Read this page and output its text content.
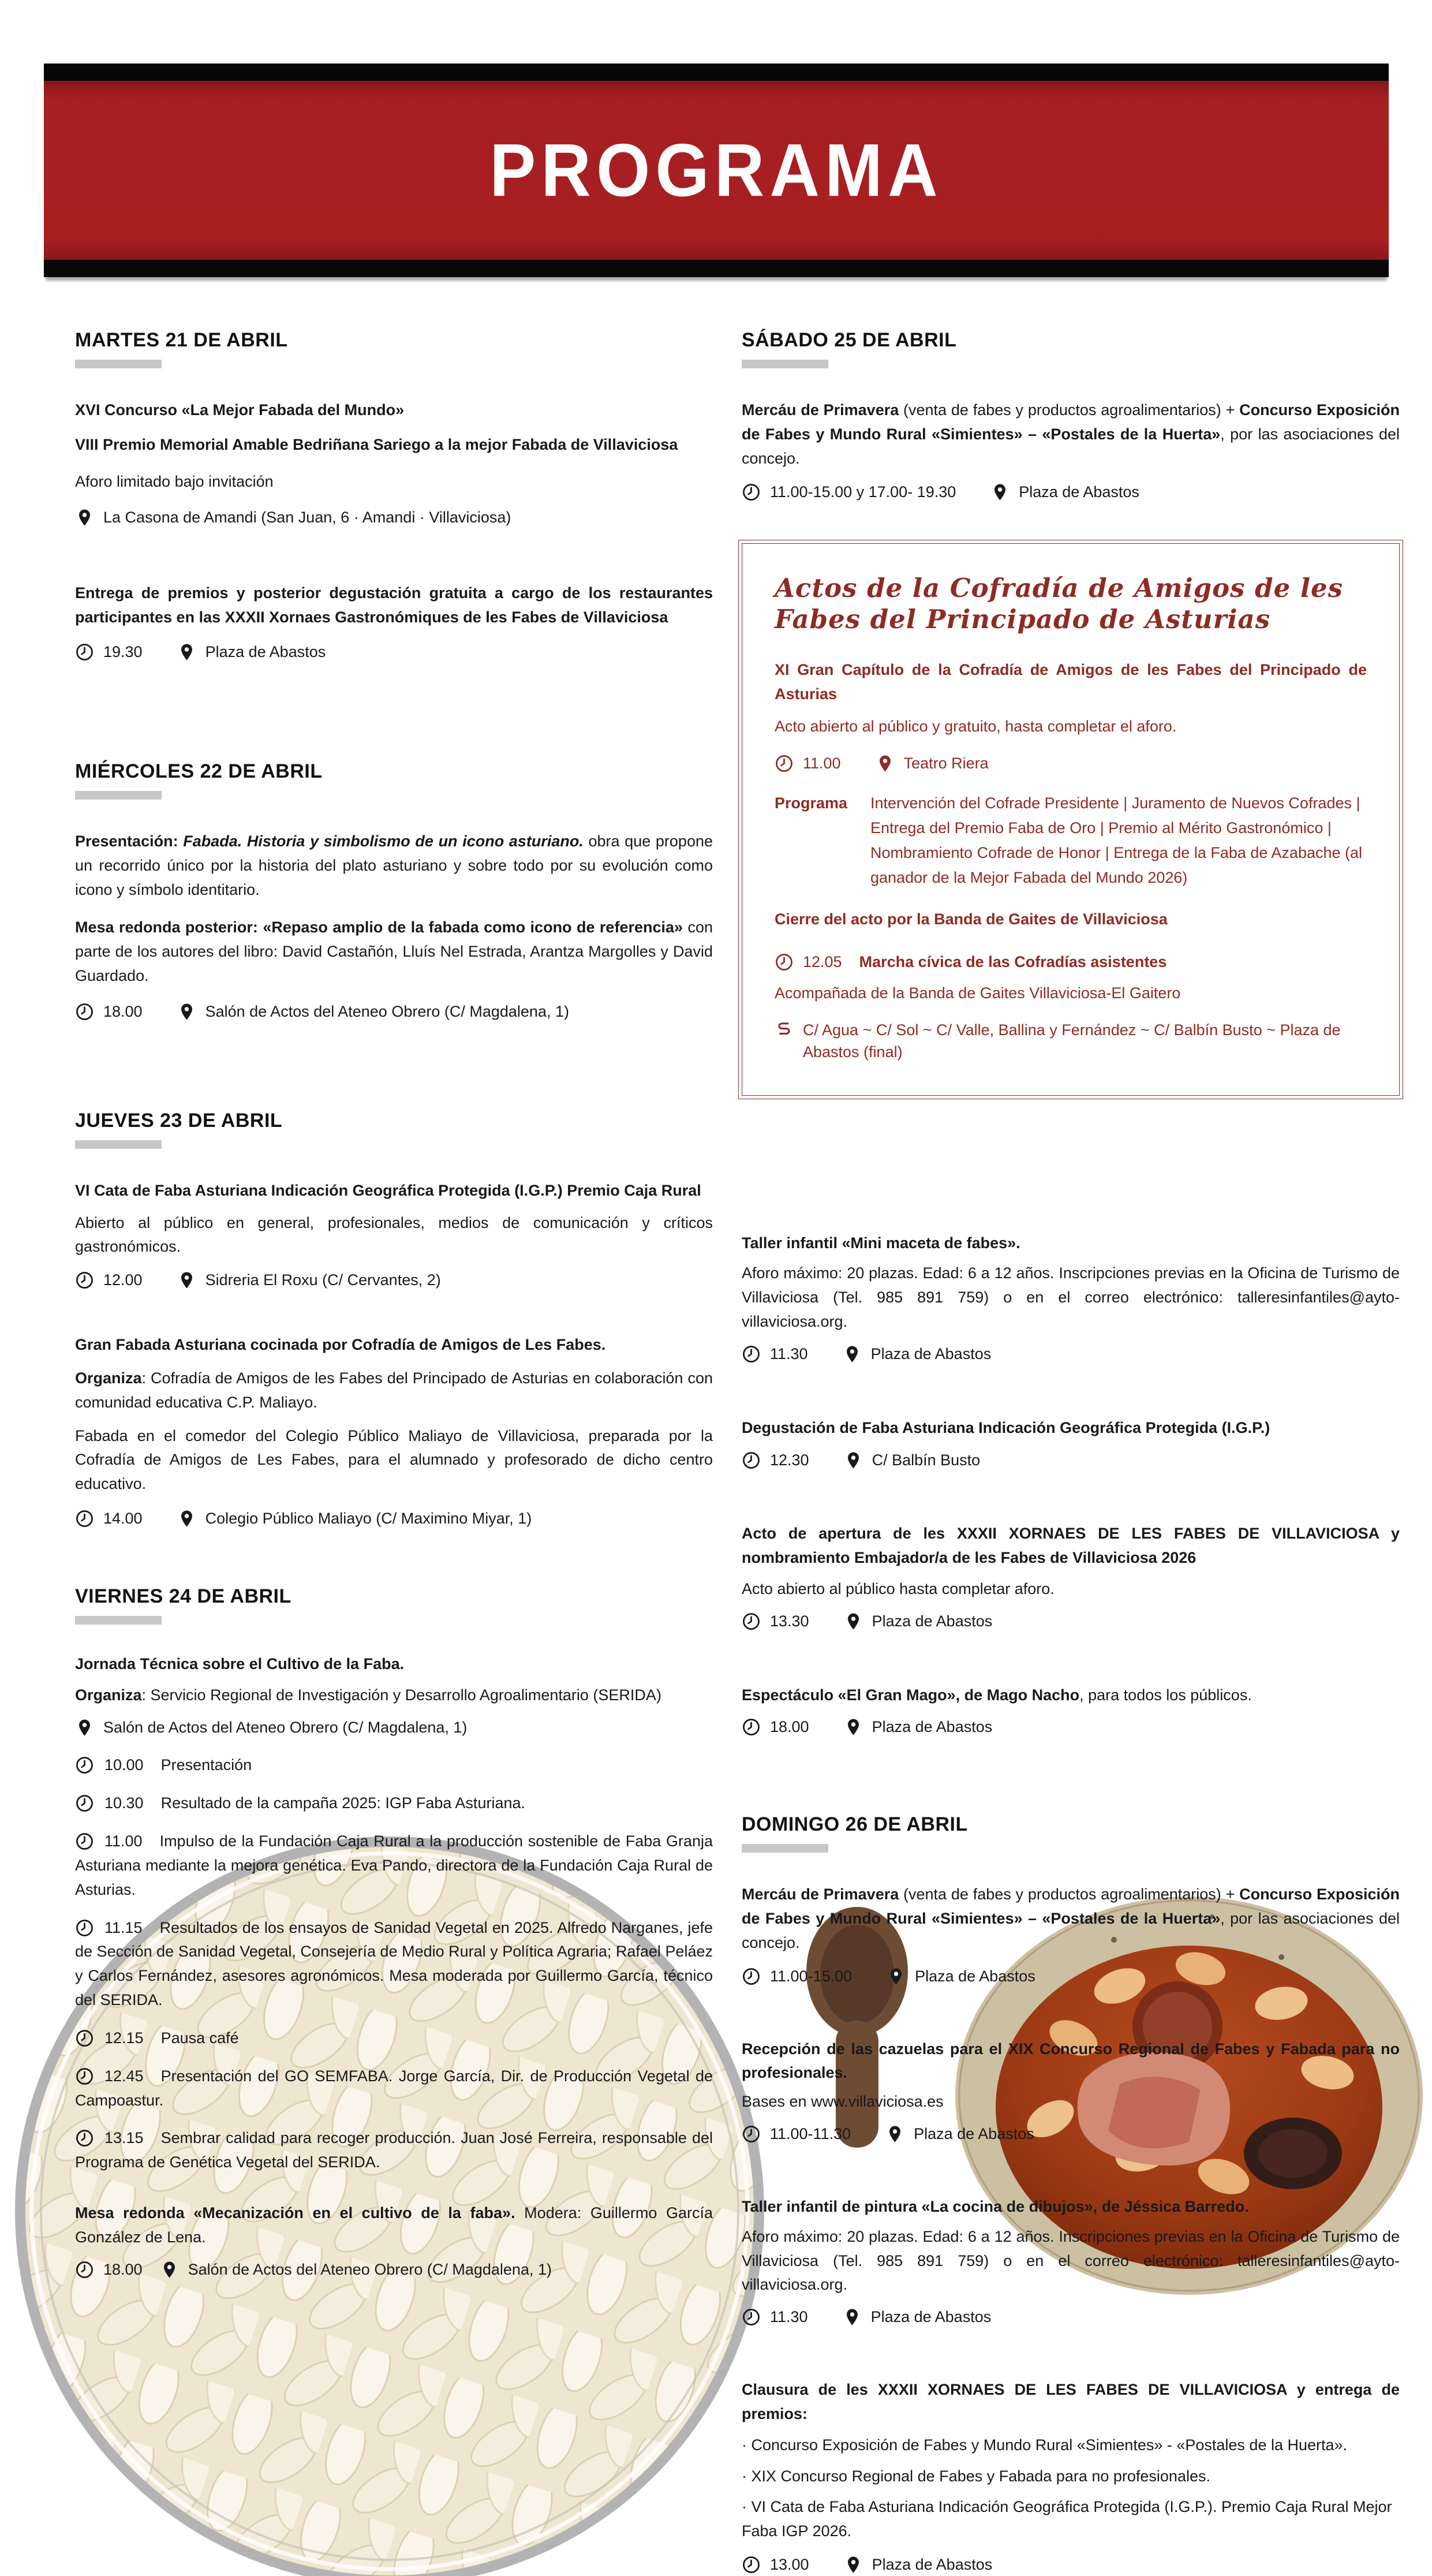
PROGRAMA
MARTES 21 DE ABRIL

XVI Concurso «La Mejor Fabada del Mundo»

VIII Premio Memorial Amable Bedriñana Sariego a la mejor Fabada de Villaviciosa

Aforo limitado bajo invitación

La Casona de Amandi (San Juan, 6 · Amandi · Villaviciosa)

Entrega de premios y posterior degustación gratuita a cargo de los restaurantes participantes en las XXXII Xornaes Gastronómiques de les Fabes de Villaviciosa

19.30	Plaza de Abastos
MIÉRCOLES 22 DE ABRIL

Presentación: Fabada. Historia y simbolismo de un icono asturiano. obra que propone un recorrido único por la historia del plato asturiano y sobre todo por su evolución como icono y símbolo identitario.

Mesa redonda posterior: «Repaso amplio de la fabada como icono de referencia» con parte de los autores del libro: David Castañón, Lluís Nel Estrada, Arantza Margolles y David Guardado.

18.00	Salón de Actos del Ateneo Obrero (C/ Magdalena, 1)
JUEVES 23 DE ABRIL

VI Cata de Faba Asturiana Indicación Geográfica Protegida (I.G.P.) Premio Caja Rural

Abierto al público en general, profesionales, medios de comunicación y críticos gastronómicos.

12.00	Sidreria El Roxu (C/ Cervantes, 2)

Gran Fabada Asturiana cocinada por Cofradía de Amigos de Les Fabes.

Organiza: Cofradía de Amigos de les Fabes del Principado de Asturias en colaboración con comunidad educativa C.P. Maliayo.

Fabada en el comedor del Colegio Público Maliayo de Villaviciosa, preparada por la Cofradía de Amigos de Les Fabes, para el alumnado y profesorado de dicho centro educativo.

14.00	Colegio Público Maliayo (C/ Maximino Miyar, 1)
VIERNES 24 DE ABRIL

Jornada Técnica sobre el Cultivo de la Faba.

Organiza: Servicio Regional de Investigación y Desarrollo Agroalimentario (SERIDA)

Salón de Actos del Ateneo Obrero (C/ Magdalena, 1)

10.00 Presentación

10.30 Resultado de la campaña 2025: IGP Faba Asturiana.

11.00 Impulso de la Fundación Caja Rural a la producción sostenible de Faba Granja Asturiana mediante la mejora genética. Eva Pando, directora de la Fundación Caja Rural de Asturias.

11.15 Resultados de los ensayos de Sanidad Vegetal en 2025. Alfredo Narganes, jefe de Sección de Sanidad Vegetal, Consejería de Medio Rural y Política Agraria; Rafael Peláez y Carlos Fernández, asesores agronómicos. Mesa moderada por Guillermo García, técnico del SERIDA.

12.15 Pausa café

12.45 Presentación del GO SEMFABA. Jorge García, Dir. de Producción Vegetal de Campoastur.

13.15 Sembrar calidad para recoger producción. Juan José Ferreira, responsable del Programa de Genética Vegetal del SERIDA.

Mesa redonda «Mecanización en el cultivo de la faba». Modera: Guillermo García González de Lena.

18.00	Salón de Actos del Ateneo Obrero (C/ Magdalena, 1)
SÁBADO 25 DE ABRIL

Mercáu de Primavera (venta de fabes y productos agroalimentarios) + Concurso Exposición de Fabes y Mundo Rural «Simientes» – «Postales de la Huerta», por las asociaciones del concejo.

11.00-15.00 y 17.00- 19.30	Plaza de Abastos

Actos de la Cofradía de Amigos de les Fabes del Principado de Asturias

XI Gran Capítulo de la Cofradía de Amigos de les Fabes del Principado de Asturias

Acto abierto al público y gratuito, hasta completar el aforo.

11.00	Teatro Riera
Programa	Intervención del Cofrade Presidente | Juramento de Nuevos Cofrades | Entrega del Premio Faba de Oro | Premio al Mérito Gastronómico | Nombramiento Cofrade de Honor | Entrega de la Faba de Azabache (al ganador de la Mejor Fabada del Mundo 2026)

Cierre del acto por la Banda de Gaites de Villaviciosa

12.05 Marcha cívica de las Cofradías asistentes

Acompañada de la Banda de Gaites Villaviciosa-El Gaitero

C/ Agua ~ C/ Sol ~ C/ Valle, Ballina y Fernández ~ C/ Balbín Busto ~ Plaza de Abastos (final)

Taller infantil «Mini maceta de fabes».

Aforo máximo: 20 plazas. Edad: 6 a 12 años. Inscripciones previas en la Oficina de Turismo de Villaviciosa (Tel. 985 891 759) o en el correo electrónico: talleresinfantiles@ayto-villaviciosa.org.

11.30	Plaza de Abastos

Degustación de Faba Asturiana Indicación Geográfica Protegida (I.G.P.)

12.30	C/ Balbín Busto

Acto de apertura de les XXXII XORNAES DE LES FABES DE VILLAVICIOSA y nombramiento Embajador/a de les Fabes de Villaviciosa 2026

Acto abierto al público hasta completar aforo.

13.30	Plaza de Abastos

Espectáculo «El Gran Mago», de Mago Nacho, para todos los públicos.

18.00	Plaza de Abastos
DOMINGO 26 DE ABRIL

Mercáu de Primavera (venta de fabes y productos agroalimentarios) + Concurso Exposición de Fabes y Mundo Rural «Simientes» – «Postales de la Huerta», por las asociaciones del concejo.

11.00-15.00	Plaza de Abastos

Recepción de las cazuelas para el XIX Concurso Regional de Fabes y Fabada para no profesionales.

Bases en www.villaviciosa.es

11.00-11.30	Plaza de Abastos

Taller infantil de pintura «La cocina de dibujos», de Jéssica Barredo.

Aforo máximo: 20 plazas. Edad: 6 a 12 años. Inscripciones previas en la Oficina de Turismo de Villaviciosa (Tel. 985 891 759) o en el correo electrónico: talleresinfantiles@ayto-villaviciosa.org.

11.30	Plaza de Abastos

Clausura de les XXXII XORNAES DE LES FABES DE VILLAVICIOSA y entrega de premios:

· Concurso Exposición de Fabes y Mundo Rural «Simientes» - «Postales de la Huerta».

· XIX Concurso Regional de Fabes y Fabada para no profesionales.

· VI Cata de Faba Asturiana Indicación Geográfica Protegida (I.G.P.). Premio Caja Rural Mejor Faba IGP 2026.

13.00	Plaza de Abastos
